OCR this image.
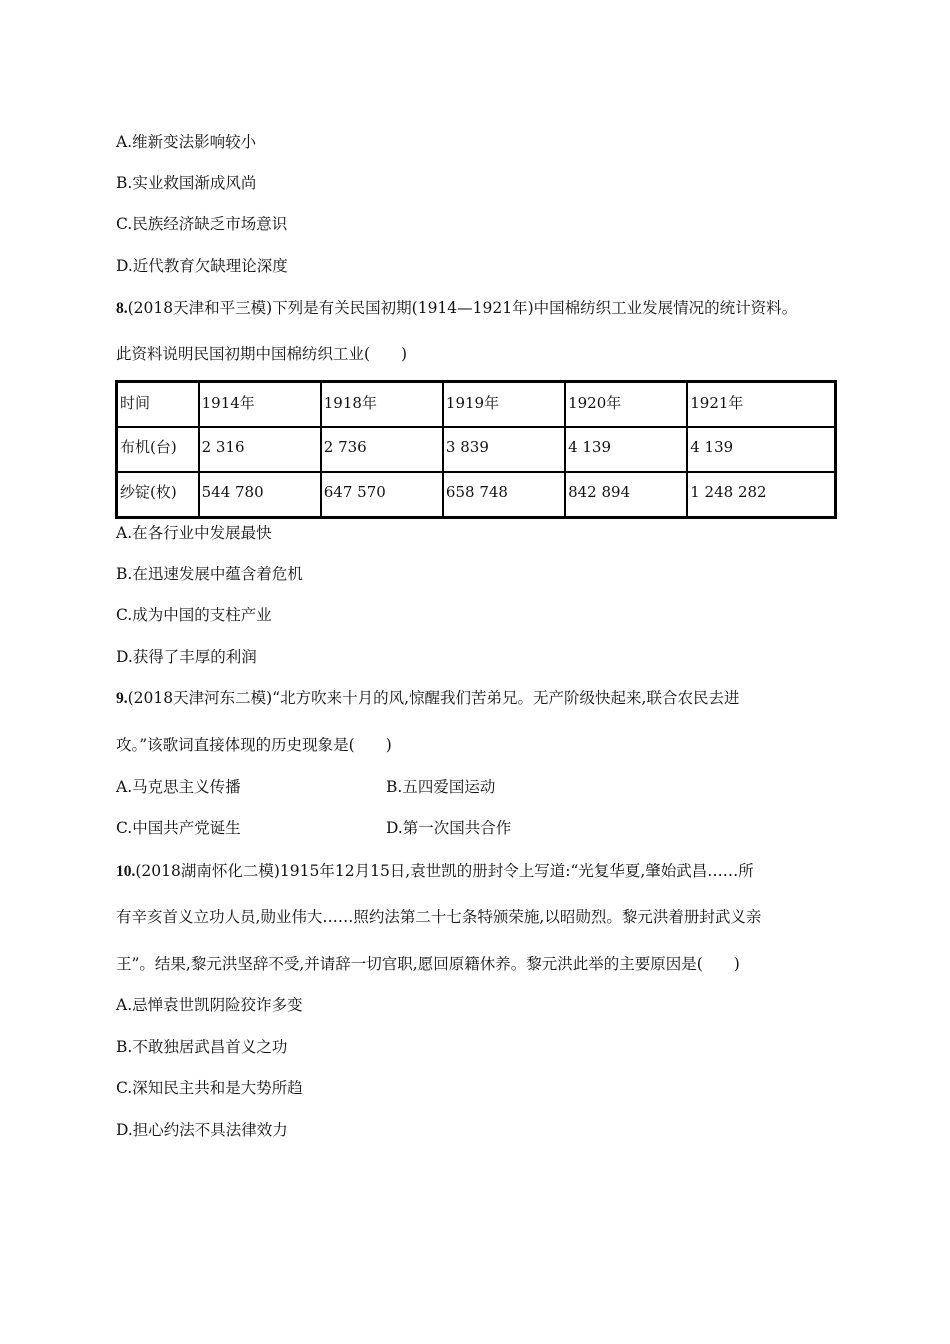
A.维新变法影响较小
B.实业救国渐成风尚
C.民族经济缺乏市场意识
D.近代教育欠缺理论深度
8.(2018天津和平三模)下列是有关民国初期(1914—1921年)中国棉纺织工业发展情况的统计资料。
此资料说明民国初期中国棉纺织工业(　　)
时间	1914年	1918年	1919年	1920年	1921年

布机(台)	2 316	2 736	3 839	4 139	4 139

纱锭(枚)	544 780	647 570	658 748	842 894	1 248 282
A.在各行业中发展最快
B.在迅速发展中蕴含着危机
C.成为中国的支柱产业
D.获得了丰厚的利润
9.(2018天津河东二模)“北方吹来十月的风,惊醒我们苦弟兄。无产阶级快起来,联合农民去进
攻。”该歌词直接体现的历史现象是(　　)
A.马克思主义传播	B.五四爱国运动
C.中国共产党诞生	D.第一次国共合作
10.(2018湖南怀化二模)1915年12月15日,袁世凯的册封令上写道:“光复华夏,肇始武昌……所
有辛亥首义立功人员,勋业伟大……照约法第二十七条特颁荣施,以昭勋烈。黎元洪着册封武义亲
王”。结果,黎元洪坚辞不受,并请辞一切官职,愿回原籍休养。黎元洪此举的主要原因是(　　)
A.忌惮袁世凯阴险狡诈多变
B.不敢独居武昌首义之功
C.深知民主共和是大势所趋
D.担心约法不具法律效力
